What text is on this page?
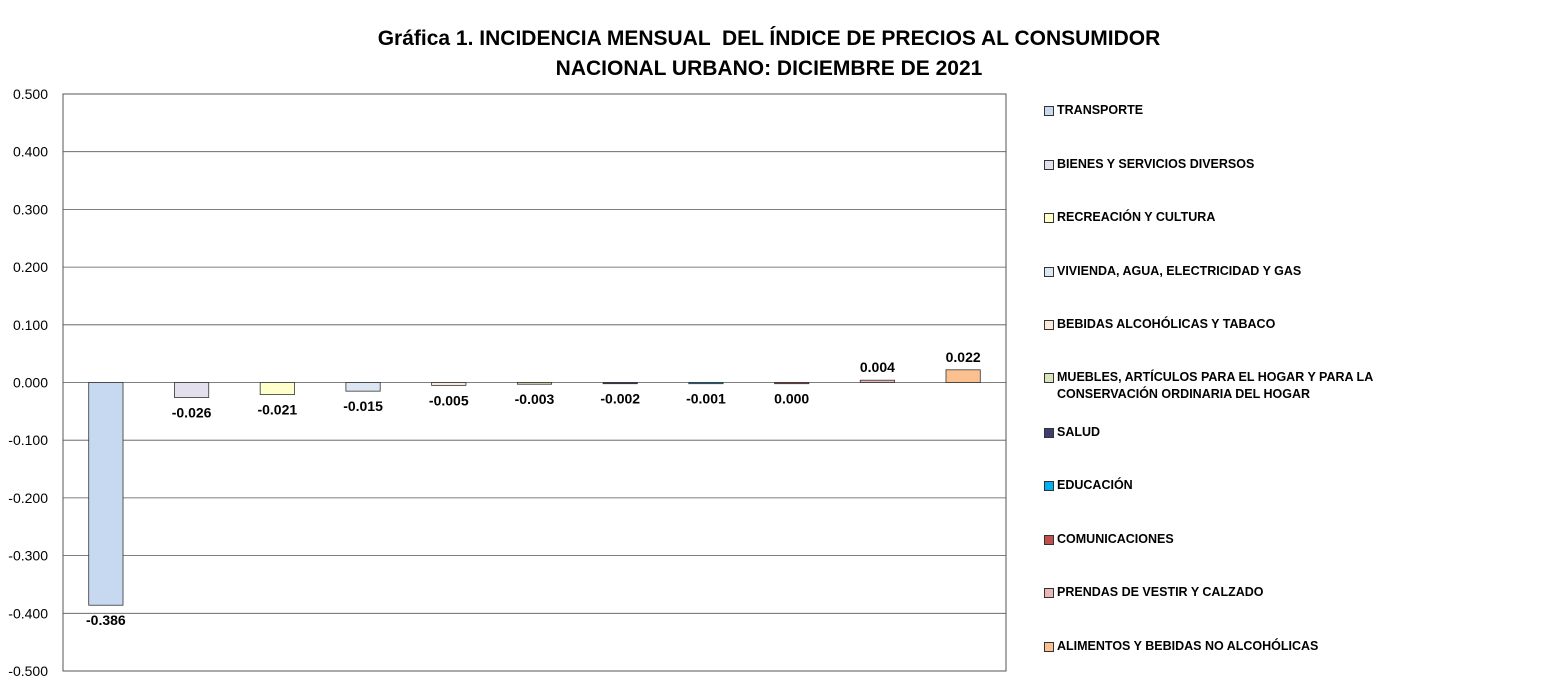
Gráfica 1. INCIDENCIA MENSUAL  DEL ÍNDICE DE PRECIOS AL CONSUMIDOR
NACIONAL URBANO: DICIEMBRE DE 2021
0.500
0.400
0.300
0.200
0.100
0.000
-0.100
-0.200
-0.300
-0.400
-0.500
-0.386
-0.026	-0.021	-0.015	-0.005	-0.003	-0.002	-0.001	0.000
0.004
0.022
TRANSPORTE
BIENES Y SERVICIOS DIVERSOS
RECREACIÓN Y CULTURA
VIVIENDA, AGUA, ELECTRICIDAD Y GAS
BEBIDAS ALCOHÓLICAS Y TABACO
MUEBLES, ARTÍCULOS PARA EL HOGAR Y PARA LA CONSERVACIÓN ORDINARIA DEL HOGAR
SALUD
EDUCACIÓN
COMUNICACIONES
PRENDAS DE VESTIR Y CALZADO
ALIMENTOS Y BEBIDAS NO ALCOHÓLICAS
